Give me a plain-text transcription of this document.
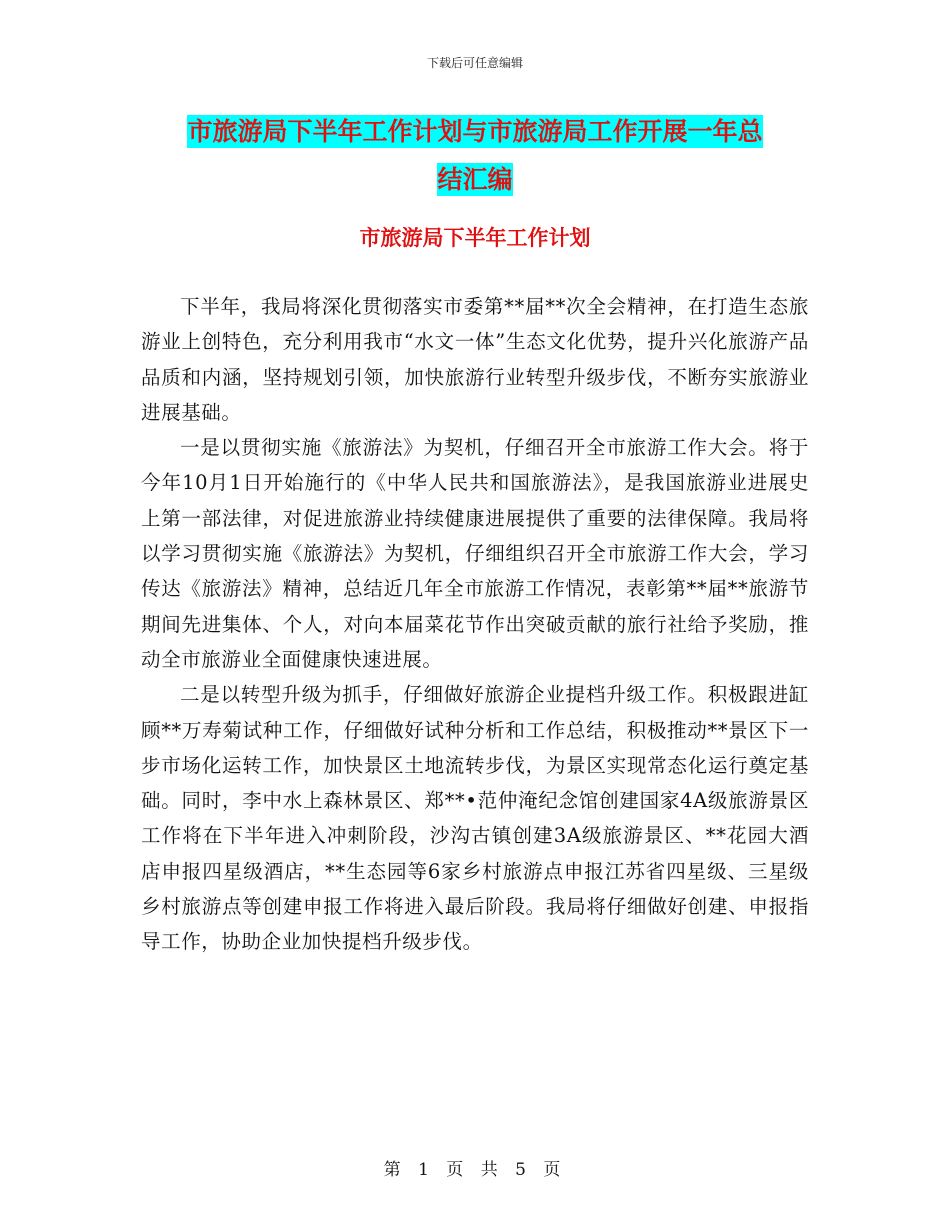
下载后可任意编辑
市旅游局下半年工作计划与市旅游局工作开展一年总
结汇编
市旅游局下半年工作计划

下半年，我局将深化贯彻落实市委第**届**次全会精神，在打造生态旅游业上创特色，充分利用我市“水文一体”生态文化优势，提升兴化旅游产品品质和内涵，坚持规划引领，加快旅游行业转型升级步伐，不断夯实旅游业进展基础。

一是以贯彻实施《旅游法》为契机，仔细召开全市旅游工作大会。将于今年10月1日开始施行的《中华人民共和国旅游法》，是我国旅游业进展史上第一部法律，对促进旅游业持续健康进展提供了重要的法律保障。我局将以学习贯彻实施《旅游法》为契机，仔细组织召开全市旅游工作大会，学习传达《旅游法》精神，总结近几年全市旅游工作情况，表彰第**届**旅游节期间先进集体、个人，对向本届菜花节作出突破贡献的旅行社给予奖励，推动全市旅游业全面健康快速进展。

二是以转型升级为抓手，仔细做好旅游企业提档升级工作。积极跟进缸顾**万寿菊试种工作，仔细做好试种分析和工作总结，积极推动**景区下一步市场化运转工作，加快景区土地流转步伐，为景区实现常态化运行奠定基础。同时，李中水上森林景区、郑**•范仲淹纪念馆创建国家4A级旅游景区工作将在下半年进入冲刺阶段，沙沟古镇创建3A级旅游景区、**花园大酒店申报四星级酒店，**生态园等6家乡村旅游点申报江苏省四星级、三星级乡村旅游点等创建申报工作将进入最后阶段。我局将仔细做好创建、申报指导工作，协助企业加快提档升级步伐。

第 1 页 共 5 页
